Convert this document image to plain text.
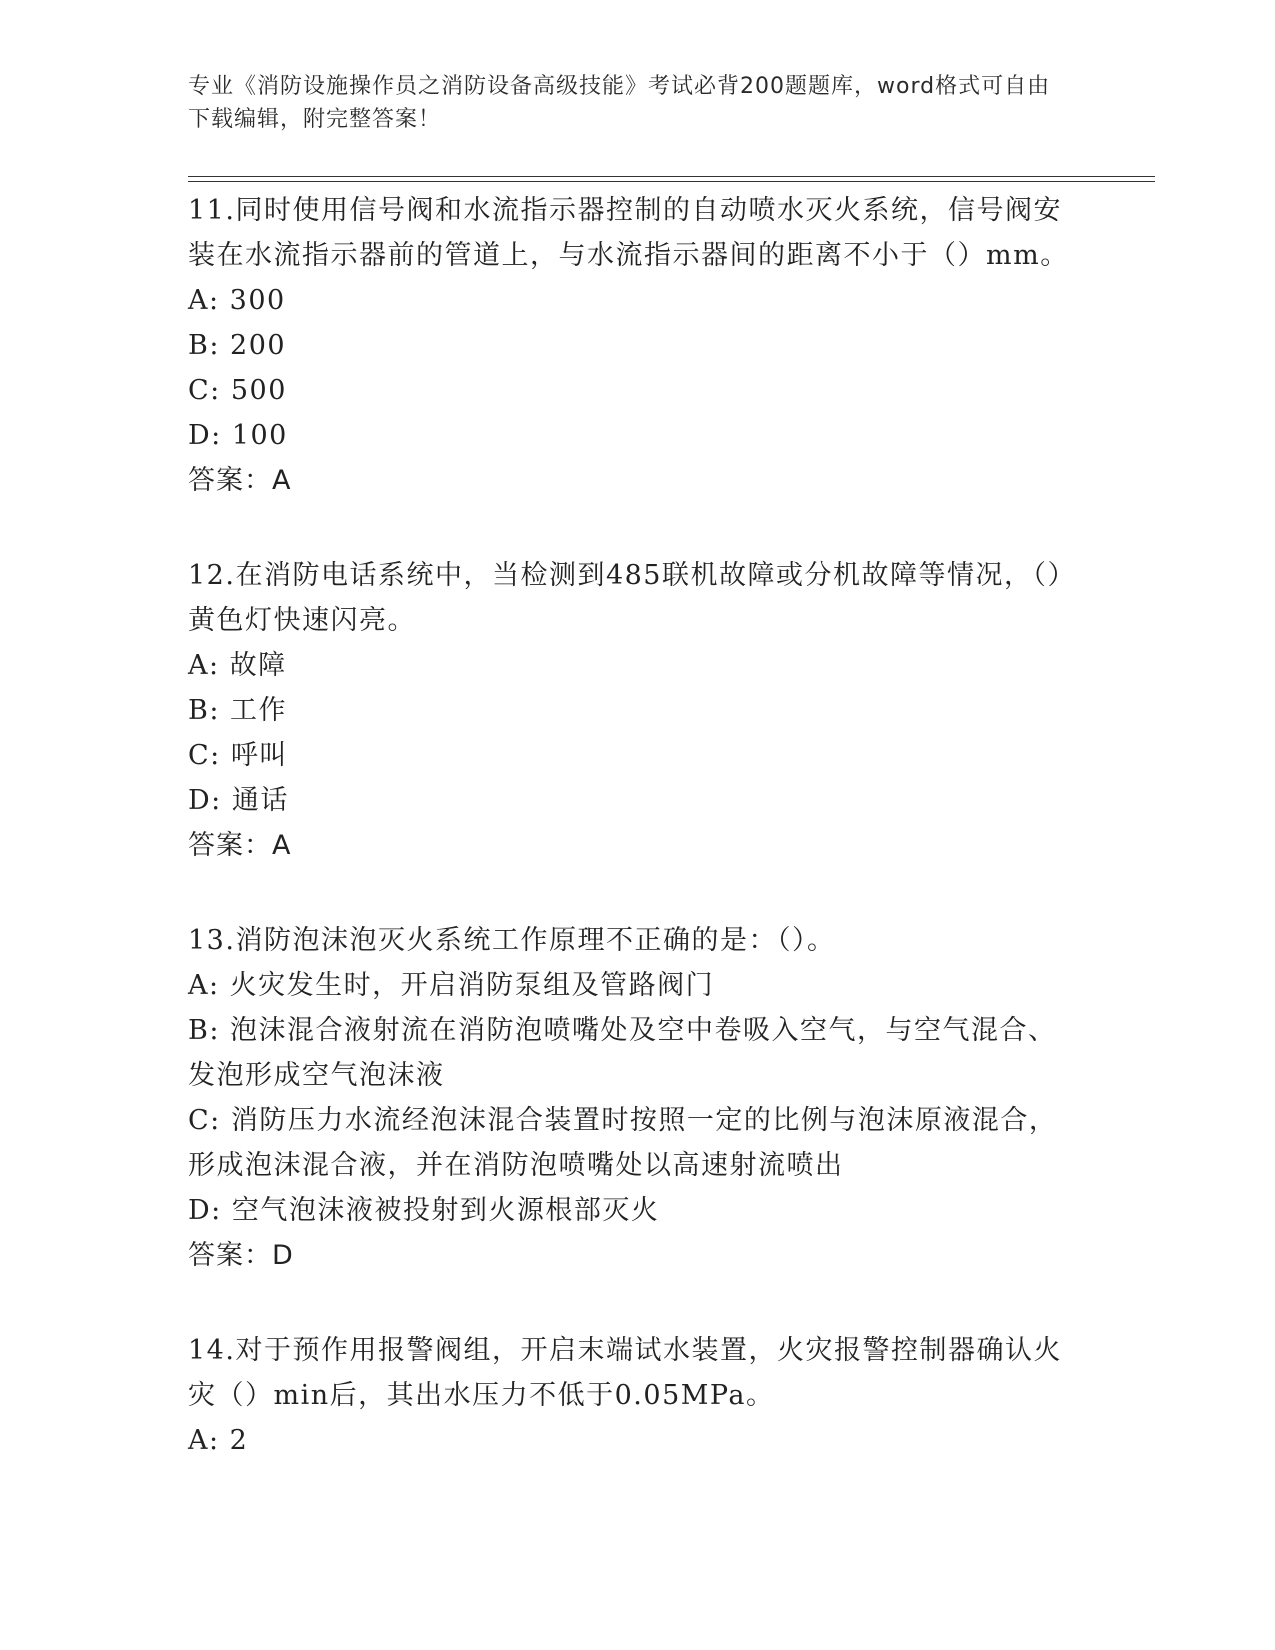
专业《消防设施操作员之消防设备高级技能》考试必背200题题库，word格式可自由下载编辑，附完整答案！

11.同时使用信号阀和水流指示器控制的自动喷水灭火系统，信号阀安装在水流指示器前的管道上，与水流指示器间的距离不小于（）mm。

A: 300

B: 200

C: 500

D: 100

答案：A

12.在消防电话系统中，当检测到485联机故障或分机故障等情况，（）黄色灯快速闪亮。

A: 故障

B: 工作

C: 呼叫

D: 通话

答案：A

13.消防泡沫泡灭火系统工作原理不正确的是：（）。

A: 火灾发生时，开启消防泵组及管路阀门

B: 泡沫混合液射流在消防泡喷嘴处及空中卷吸入空气，与空气混合、发泡形成空气泡沫液

C: 消防压力水流经泡沫混合装置时按照一定的比例与泡沫原液混合，形成泡沫混合液，并在消防泡喷嘴处以高速射流喷出

D: 空气泡沫液被投射到火源根部灭火

答案：D

14.对于预作用报警阀组，开启末端试水装置，火灾报警控制器确认火灾（）min后，其出水压力不低于0.05MPa。

A: 2
